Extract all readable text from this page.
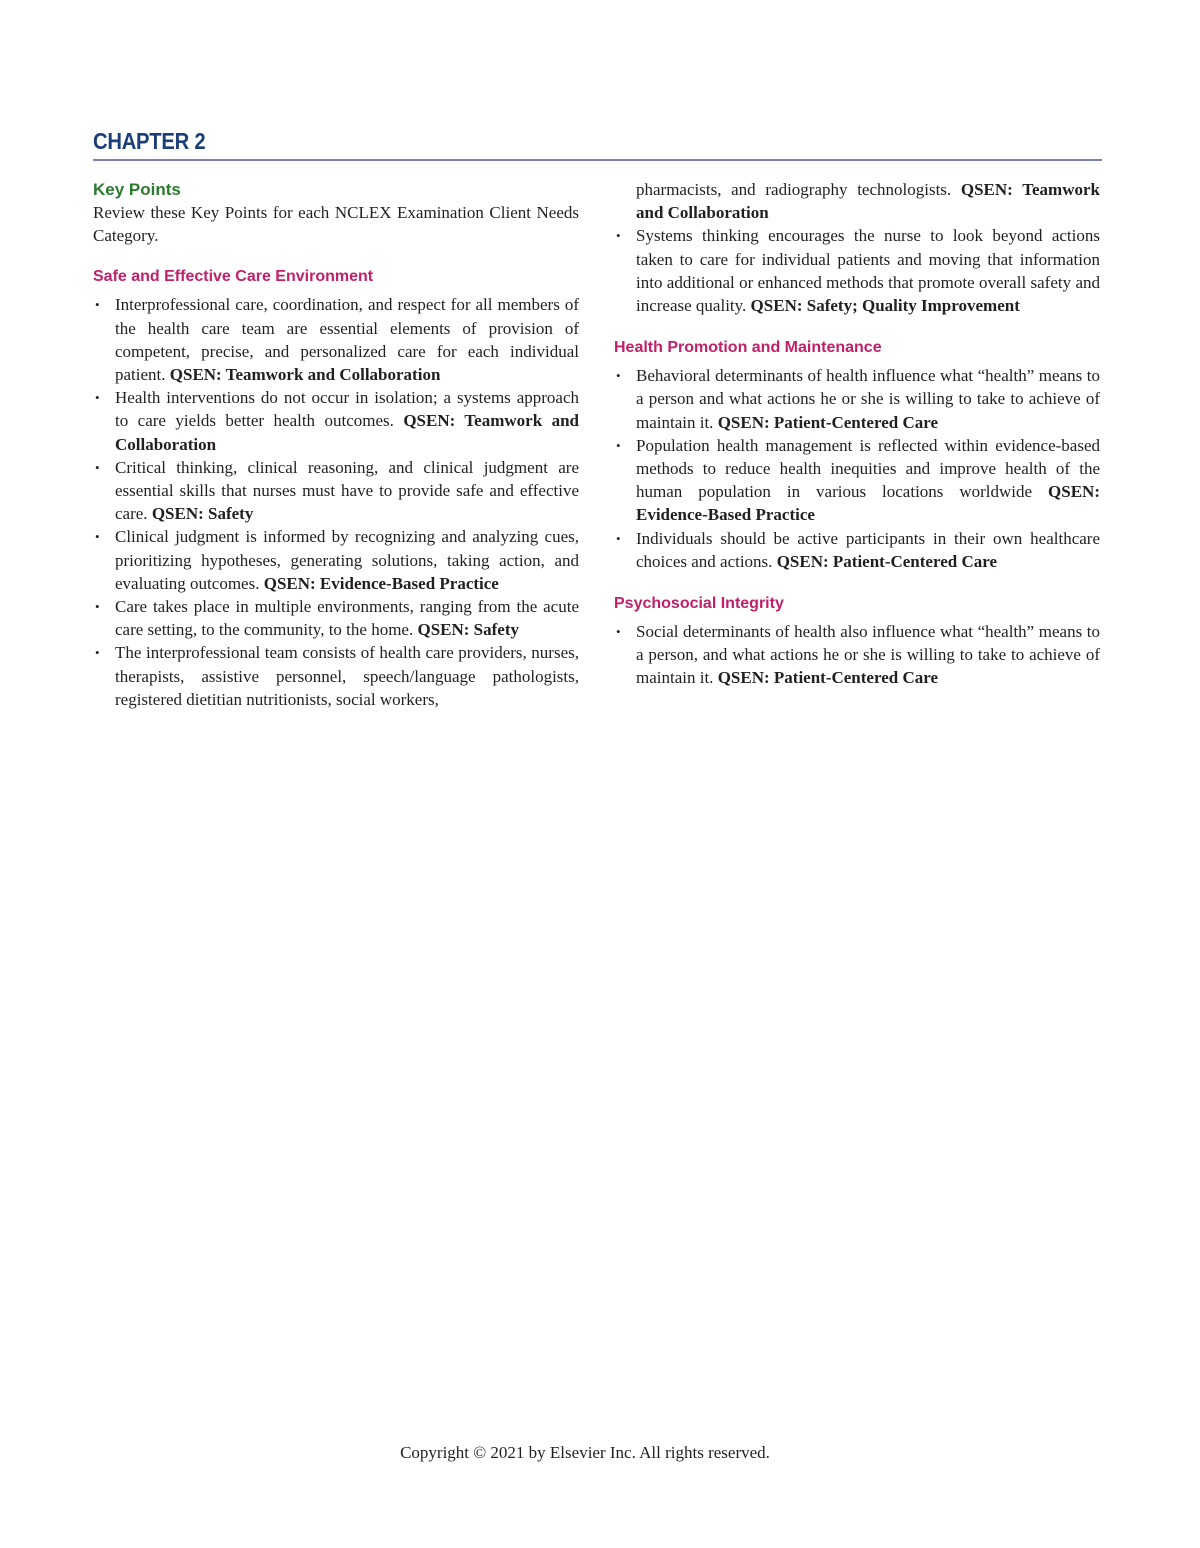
CHAPTER 2
Key Points

Review these Key Points for each NCLEX Examination Client Needs Category.

Safe and Effective Care Environment
• Interprofessional care, coordination, and respect for all members of the health care team are essential elements of provision of competent, precise, and personalized care for each individual patient. QSEN: Teamwork and Collaboration
• Health interventions do not occur in isolation; a systems approach to care yields better health outcomes. QSEN: Teamwork and Collaboration
• Critical thinking, clinical reasoning, and clinical judgment are essential skills that nurses must have to provide safe and effective care. QSEN: Safety
• Clinical judgment is informed by recognizing and analyzing cues, prioritizing hypotheses, generating solutions, taking action, and evaluating outcomes. QSEN: Evidence-Based Practice
• Care takes place in multiple environments, ranging from the acute care setting, to the community, to the home. QSEN: Safety
• The interprofessional team consists of health care providers, nurses, therapists, assistive personnel, speech/language pathologists, registered dietitian nutritionists, social workers,
pharmacists, and radiography technologists. QSEN: Teamwork and Collaboration
• Systems thinking encourages the nurse to look beyond actions taken to care for individual patients and moving that information into additional or enhanced methods that promote overall safety and increase quality. QSEN: Safety; Quality Improvement
Health Promotion and Maintenance
• Behavioral determinants of health influence what “health” means to a person and what actions he or she is willing to take to achieve of maintain it. QSEN: Patient-Centered Care
• Population health management is reflected within evidence-based methods to reduce health inequities and improve health of the human population in various locations worldwide QSEN: Evidence-Based Practice
• Individuals should be active participants in their own healthcare choices and actions. QSEN: Patient-Centered Care
Psychosocial Integrity
• Social determinants of health also influence what “health” means to a person, and what actions he or she is willing to take to achieve of maintain it. QSEN: Patient-Centered Care
Copyright © 2021 by Elsevier Inc. All rights reserved.
